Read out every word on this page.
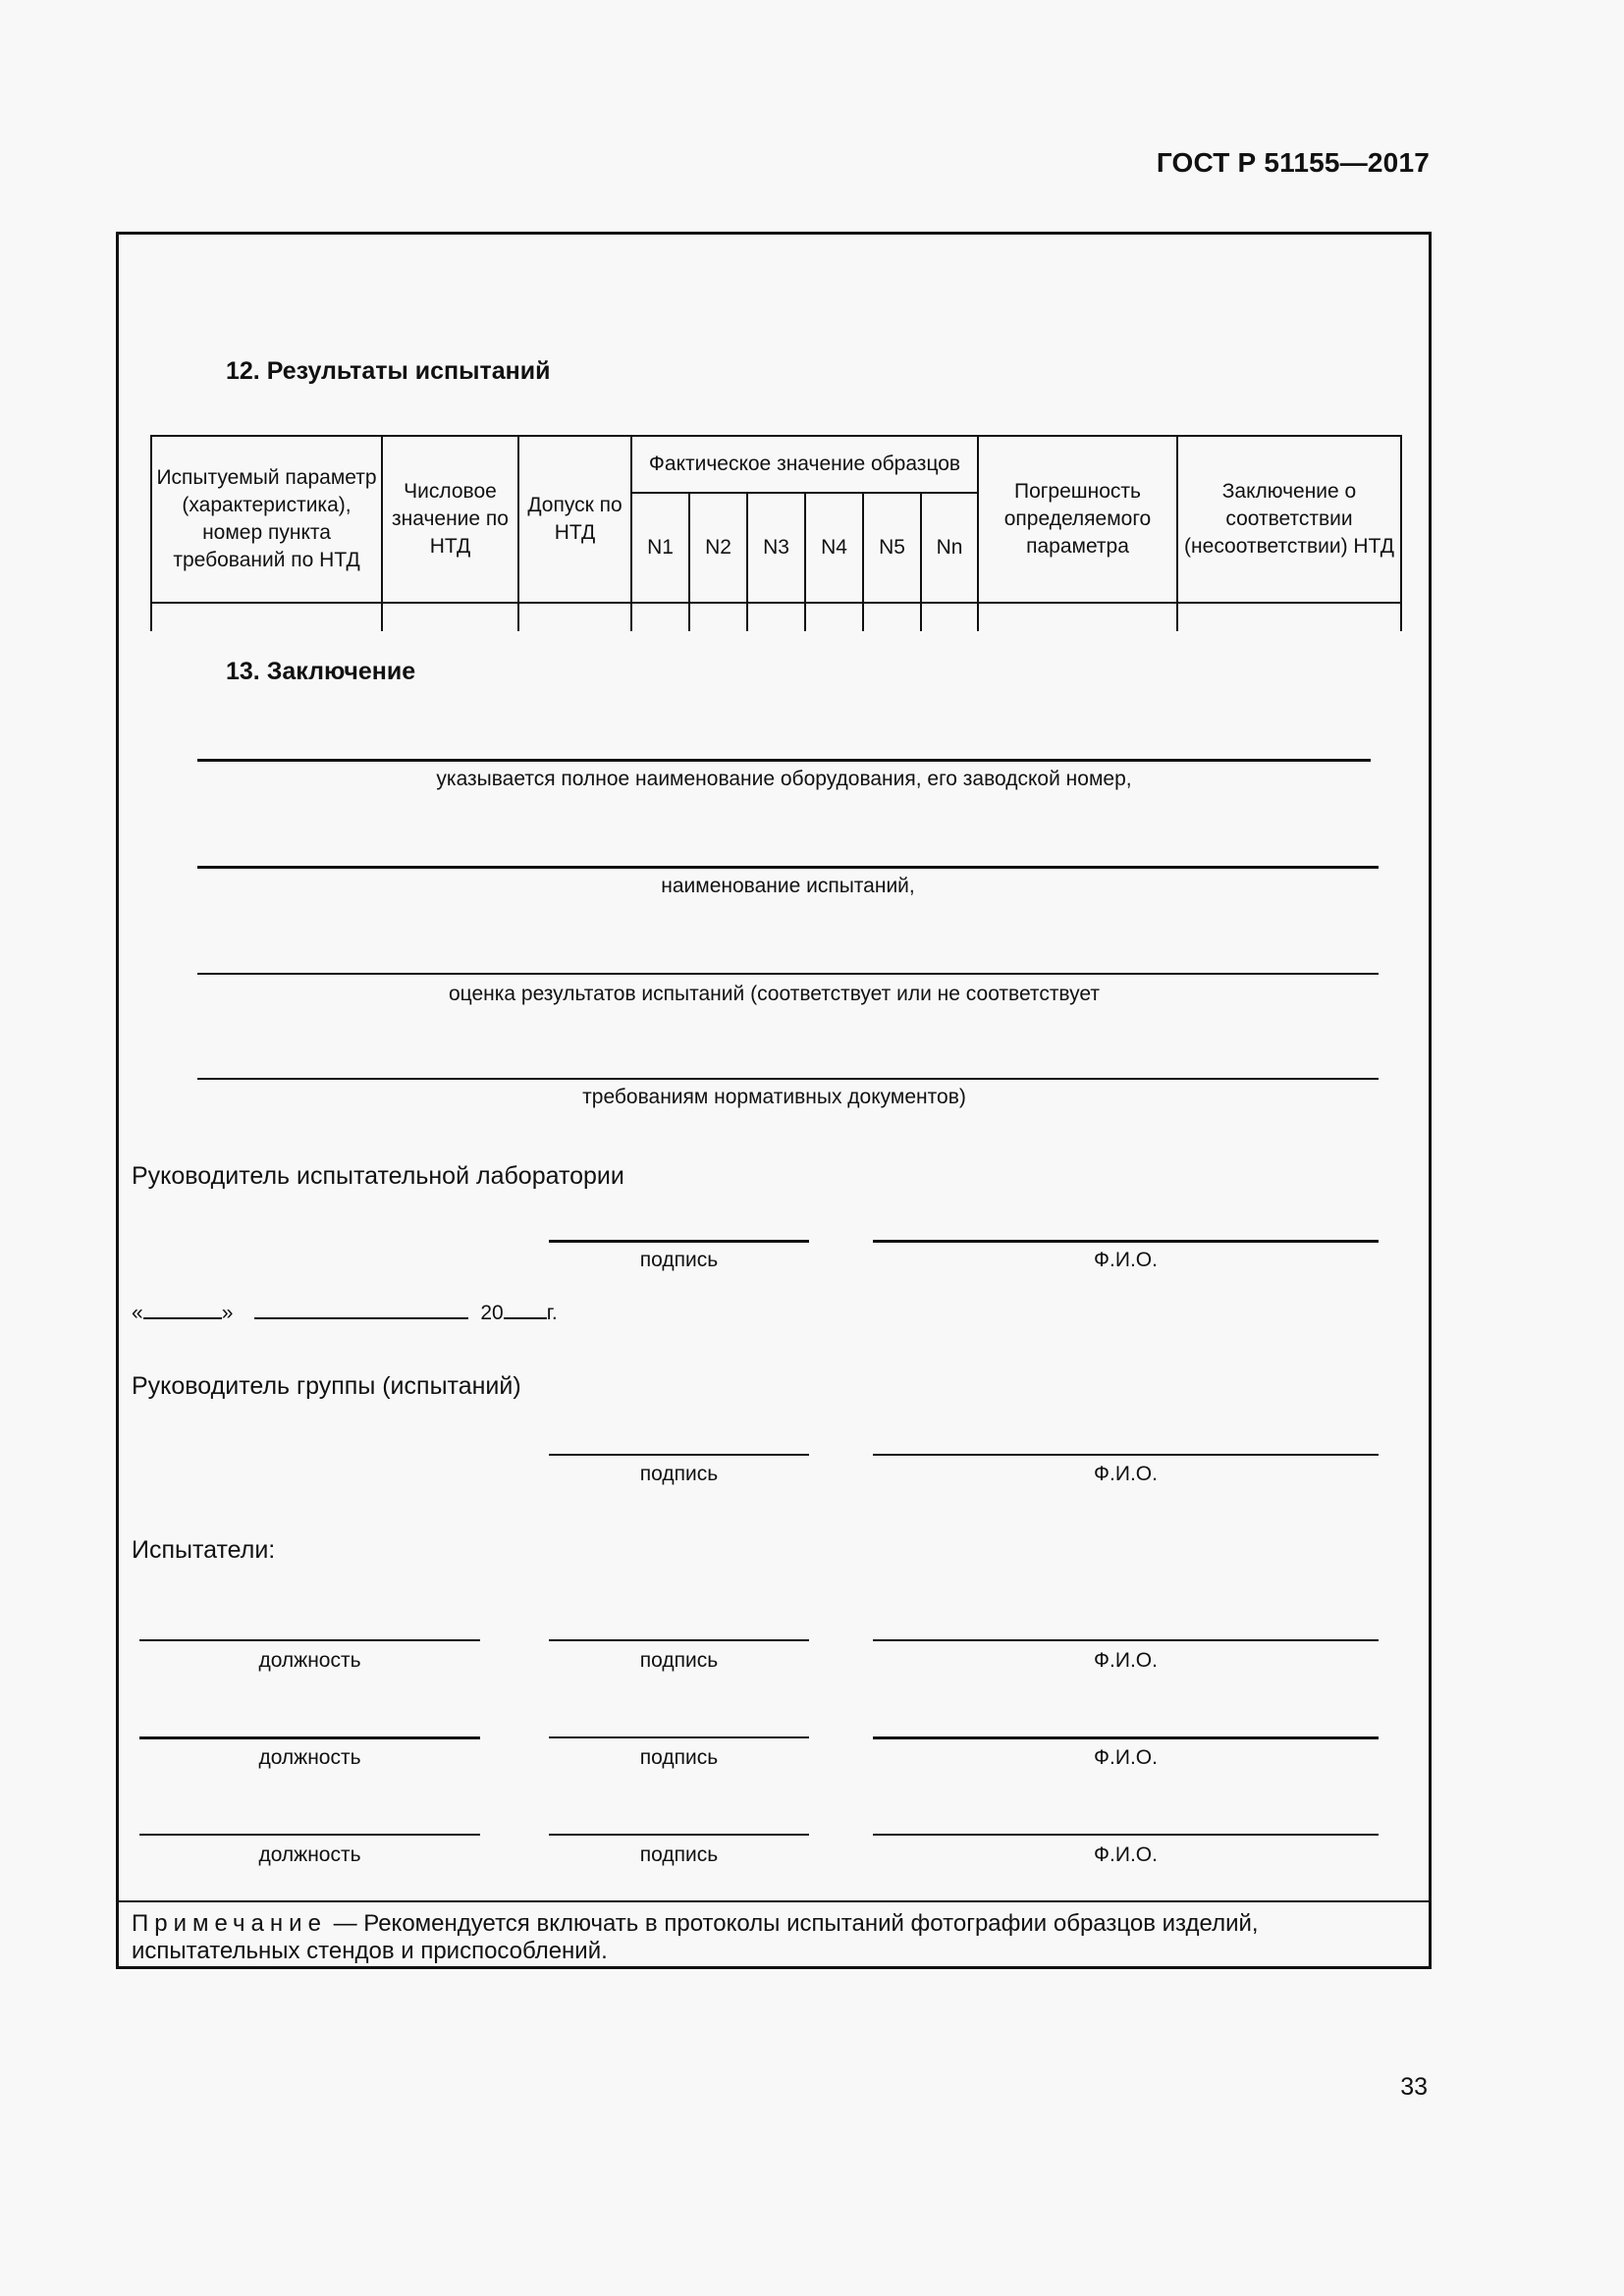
ГОСТ Р 51155—2017
12. Результаты испытаний
Испытуемый параметр (характеристика), номер пункта требований по НТД	Числовое значение по НТД	Допуск по НТД	Фактическое значение образцов						Погрешность определяемого параметра	Заключение о соответствии (несоответствии) НТД
			N1	N2	N3	N4	N5	Nn		

13. Заключение
указывается полное наименование оборудования, его заводской номер,
наименование испытаний,
оценка результатов испытаний (соответствует или не соответствует
требованиям нормативных документов)
Руководитель испытательной лаборатории
подпись	Ф.И.О.
«	»	20 г.
Руководитель группы (испытаний)
подпись	Ф.И.О.
Испытатели:
должность	подпись	Ф.И.О.
должность	подпись	Ф.И.О.
должность	подпись	Ф.И.О.
Примечание — Рекомендуется включать в протоколы испытаний фотографии образцов изделий, испытательных стендов и приспособлений.
33
